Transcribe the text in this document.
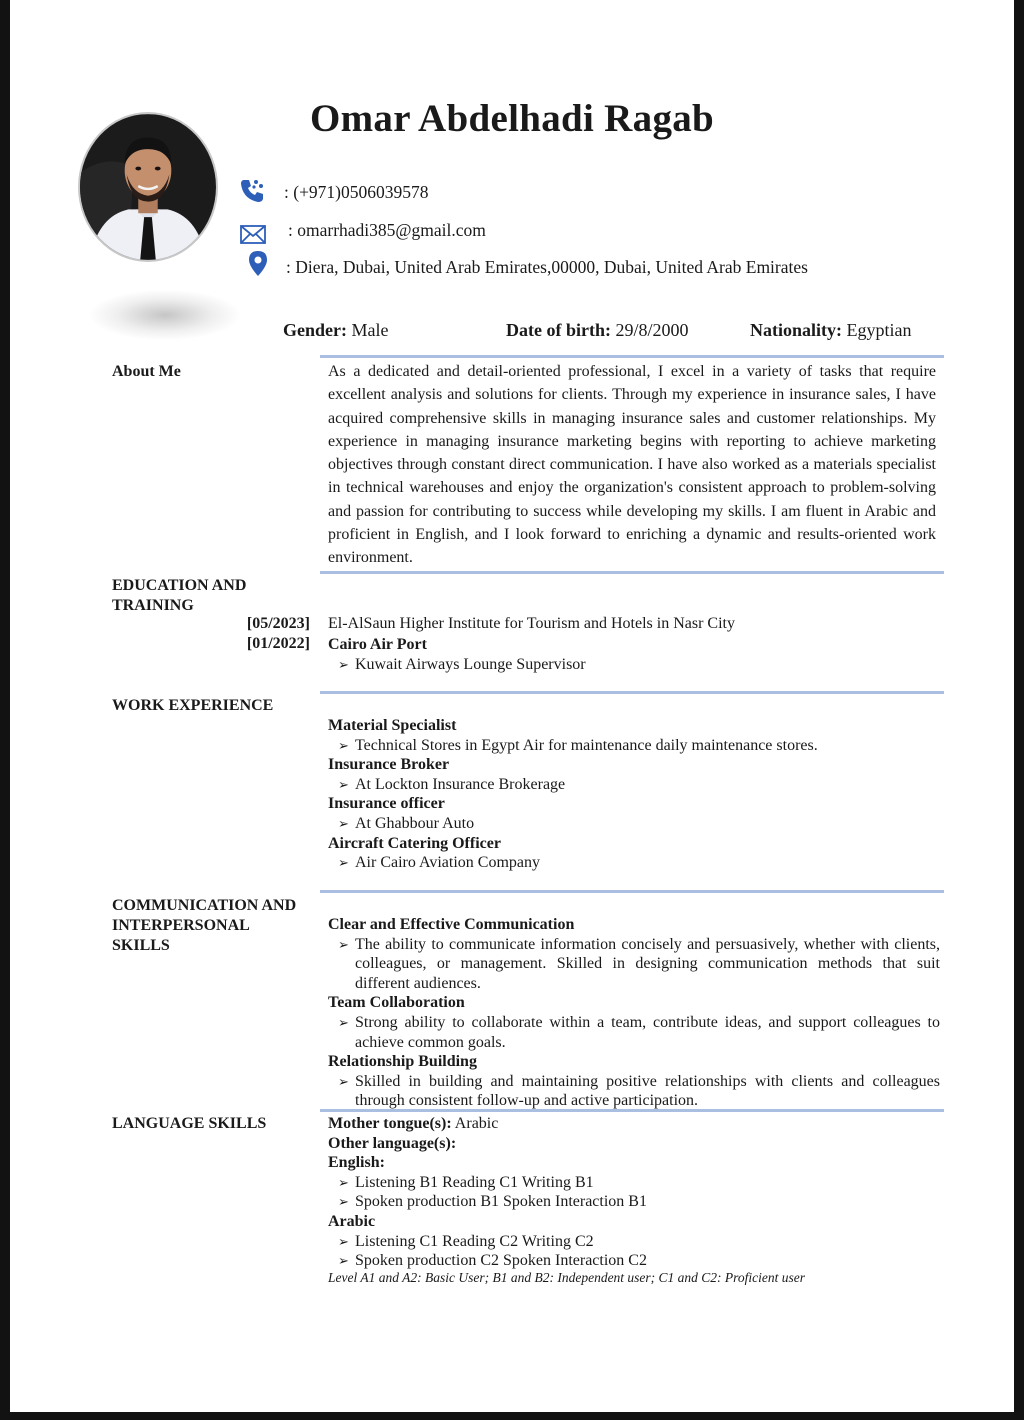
Omar Abdelhadi Ragab
: (+971)0506039578
: omarrhadi385@gmail.com
: Diera, Dubai, United Arab Emirates,00000, Dubai, United Arab Emirates
Gender: Male	Date of birth: 29/8/2000	Nationality: Egyptian
About Me	As a dedicated and detail-oriented professional, I excel in a variety of tasks that require excellent analysis and solutions for clients. Through my experience in insurance sales, I have acquired comprehensive skills in managing insurance sales and customer relationships. My experience in managing insurance marketing begins with reporting to achieve marketing objectives through constant direct communication. I have also worked as a materials specialist in technical warehouses and enjoy the organization's consistent approach to problem-solving and passion for contributing to success while developing my skills. I am fluent in Arabic and proficient in English, and I look forward to enriching a dynamic and results-oriented work environment.
EDUCATION AND
TRAINING
[05/2023] El-AlSaun Higher Institute for Tourism and Hotels in Nasr City
[01/2022] Cairo Air Port
➢ Kuwait Airways Lounge Supervisor
WORK EXPERIENCE
Material Specialist
➢ Technical Stores in Egypt Air for maintenance daily maintenance stores.
Insurance Broker
➢ At Lockton Insurance Brokerage
Insurance officer
➢ At Ghabbour Auto
Aircraft Catering Officer
➢ Air Cairo Aviation Company
COMMUNICATION AND
INTERPERSONAL
SKILLS
Clear and Effective Communication
➢ The ability to communicate information concisely and persuasively, whether with clients, colleagues, or management. Skilled in designing communication methods that suit different audiences.
Team Collaboration
➢ Strong ability to collaborate within a team, contribute ideas, and support colleagues to achieve common goals.
Relationship Building
➢ Skilled in building and maintaining positive relationships with clients and colleagues through consistent follow-up and active participation.
LANGUAGE SKILLS	Mother tongue(s): Arabic
Other language(s):
English:
➢ Listening B1 Reading C1 Writing B1
➢ Spoken production B1 Spoken Interaction B1
Arabic
➢ Listening C1 Reading C2 Writing C2
➢ Spoken production C2 Spoken Interaction C2
Level A1 and A2: Basic User; B1 and B2: Independent user; C1 and C2: Proficient user
